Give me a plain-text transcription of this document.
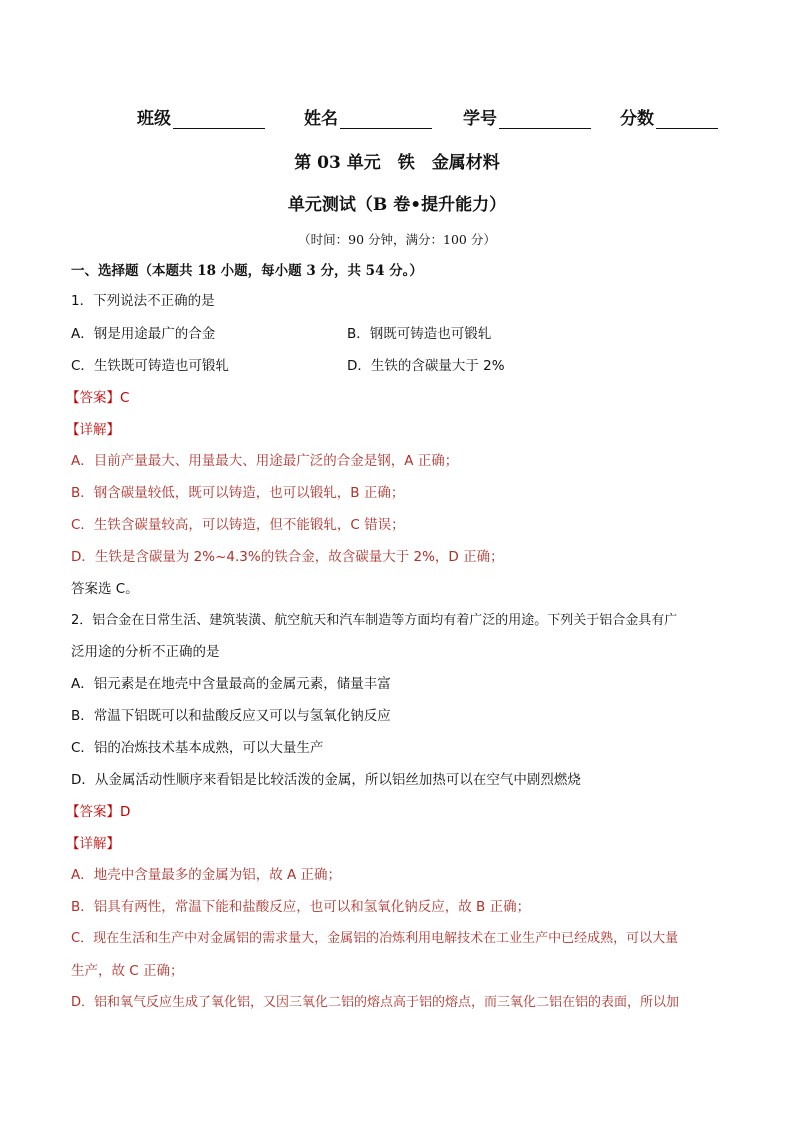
班级	姓名	学号	分数
第 03 单元　铁　金属材料
单元测试（B 卷•提升能力）
（时间：90 分钟，满分：100 分）
一、选择题（本题共 18 小题，每小题 3 分，共 54 分。）
1．下列说法不正确的是
A．钢是用途最广的合金	B．钢既可铸造也可锻轧
C．生铁既可铸造也可锻轧	D．生铁的含碳量大于 2%
【答案】C
【详解】
A．目前产量最大、用量最大、用途最广泛的合金是钢，A 正确；
B．钢含碳量较低，既可以铸造，也可以锻轧，B 正确；
C．生铁含碳量较高，可以铸造，但不能锻轧，C 错误；
D．生铁是含碳量为 2%~4.3%的铁合金，故含碳量大于 2%，D 正确；
答案选 C。
2．铝合金在日常生活、建筑装潢、航空航天和汽车制造等方面均有着广泛的用途。下列关于铝合金具有广
泛用途的分析不正确的是
A．铝元素是在地壳中含量最高的金属元素，储量丰富
B．常温下铝既可以和盐酸反应又可以与氢氧化钠反应
C．铝的冶炼技术基本成熟，可以大量生产
D．从金属活动性顺序来看铝是比较活泼的金属，所以铝丝加热可以在空气中剧烈燃烧
【答案】D
【详解】
A．地壳中含量最多的金属为铝，故 A 正确；
B．铝具有两性，常温下能和盐酸反应，也可以和氢氧化钠反应，故 B 正确；
C．现在生活和生产中对金属铝的需求量大，金属铝的冶炼利用电解技术在工业生产中已经成熟，可以大量
生产，故 C 正确；
D．铝和氧气反应生成了氧化铝，又因三氧化二铝的熔点高于铝的熔点，而三氧化二铝在铝的表面，所以加
